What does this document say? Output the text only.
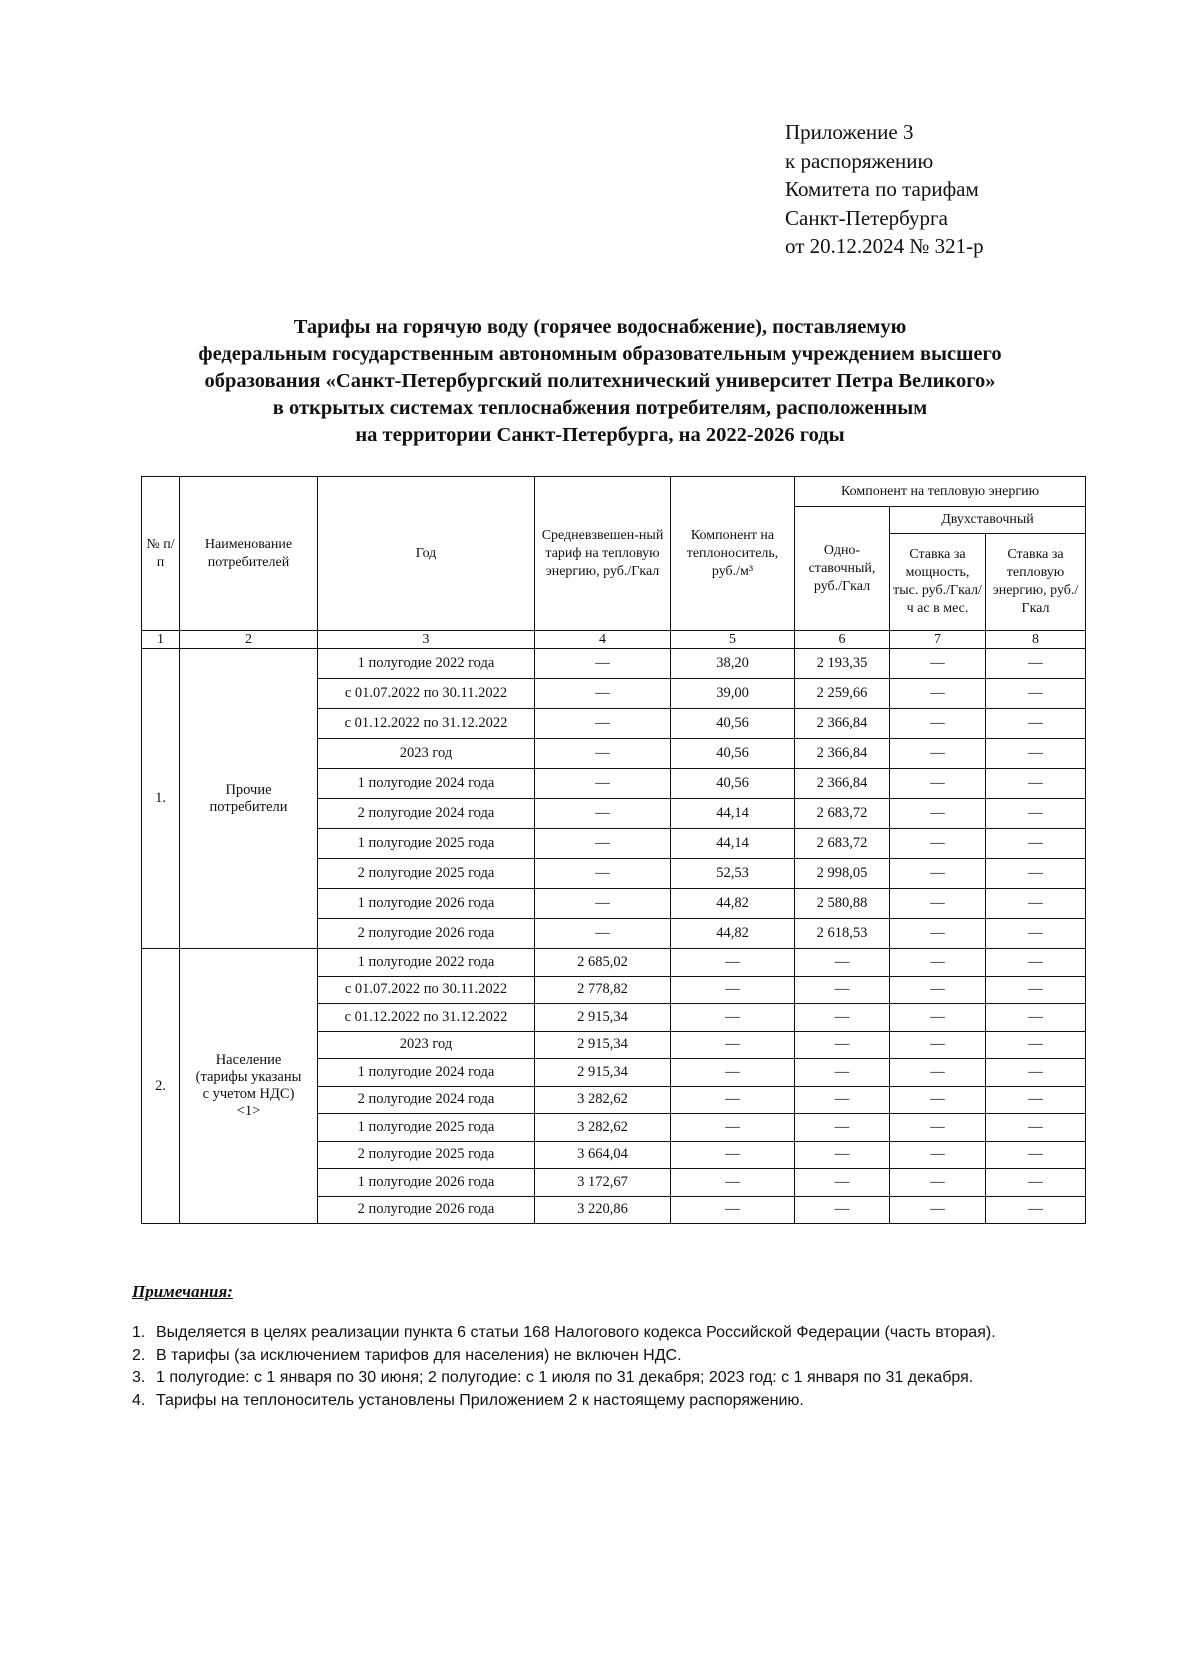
Приложение 3
к распоряжению
Комитета по тарифам
Санкт-Петербурга
от 20.12.2024 № 321-р
Тарифы на горячую воду (горячее водоснабжение), поставляемую
федеральным государственным автономным образовательным учреждением высшего
образования «Санкт-Петербургский политехнический университет Петра Великого»
в открытых системах теплоснабжения потребителям, расположенным
на территории Санкт-Петербурга, на 2022-2026 годы
№ п/п	Наименование потребителей	Год	Средневзвешен-ный тариф на тепловую энергию, руб./Гкал	Компонент на теплоноситель, руб./м³	Компонент на тепловую энергию		
					Одно-ставочный, руб./Гкал	Двухставочный	
						Ставка за мощность, тыс. руб./Гкал/ч ас в мес.	Ставка за тепловую энергию, руб./Гкал

1	2	3	4	5	6	7	8
1.	Прочие потребители	1 полугодие 2022 года	—	38,20	2 193,35	—	—
		с 01.07.2022 по 30.11.2022	—	39,00	2 259,66	—	—
		с 01.12.2022 по 31.12.2022	—	40,56	2 366,84	—	—
		2023 год	—	40,56	2 366,84	—	—
		1 полугодие 2024 года	—	40,56	2 366,84	—	—
		2 полугодие 2024 года	—	44,14	2 683,72	—	—
		1 полугодие 2025 года	—	44,14	2 683,72	—	—
		2 полугодие 2025 года	—	52,53	2 998,05	—	—
		1 полугодие 2026 года	—	44,82	2 580,88	—	—
		2 полугодие 2026 года	—	44,82	2 618,53	—	—
2.	Население (тарифы указаны с учетом НДС) <1>	1 полугодие 2022 года	2 685,02	—	—	—	—
		с 01.07.2022 по 30.11.2022	2 778,82	—	—	—	—
		с 01.12.2022 по 31.12.2022	2 915,34	—	—	—	—
		2023 год	2 915,34	—	—	—	—
		1 полугодие 2024 года	2 915,34	—	—	—	—
		2 полугодие 2024 года	3 282,62	—	—	—	—
		1 полугодие 2025 года	3 282,62	—	—	—	—
		2 полугодие 2025 года	3 664,04	—	—	—	—
		1 полугодие 2026 года	3 172,67	—	—	—	—
		2 полугодие 2026 года	3 220,86	—	—	—	—
Примечания:
1. Выделяется в целях реализации пункта 6 статьи 168 Налогового кодекса Российской Федерации (часть вторая).
2. В тарифы (за исключением тарифов для населения) не включен НДС.
3. 1 полугодие: с 1 января по 30 июня; 2 полугодие: с 1 июля по 31 декабря; 2023 год: с 1 января по 31 декабря.
4. Тарифы на теплоноситель установлены Приложением 2 к настоящему распоряжению.
